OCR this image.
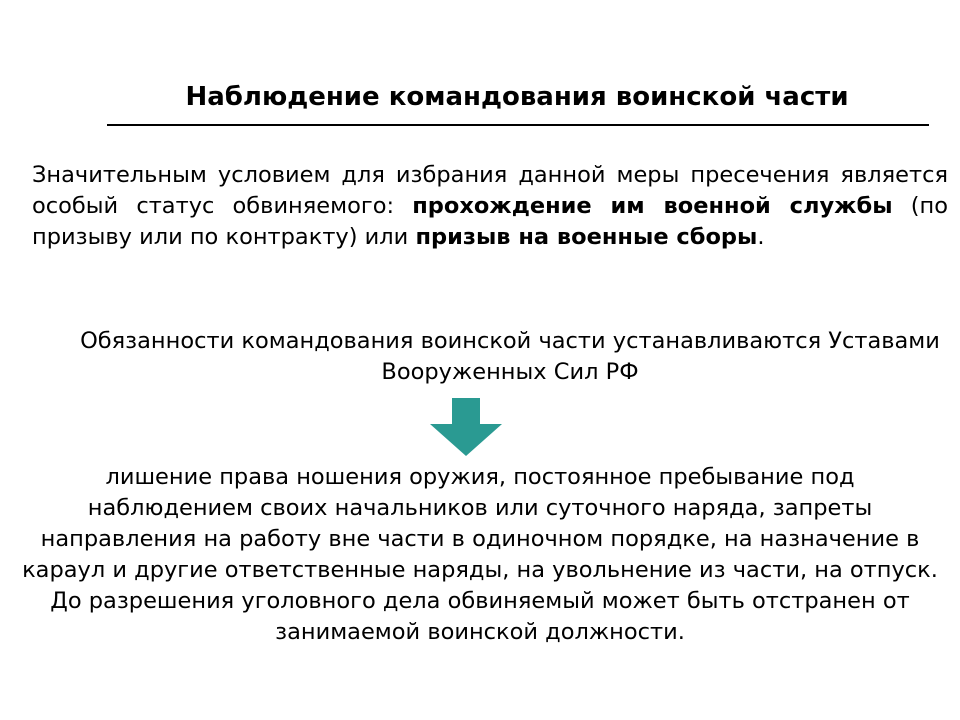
Наблюдение командования воинской части

Значительным условием для избрания данной меры пресечения является особый статус обвиняемого: прохождение им военной службы (по призыву или по контракту) или призыв на военные сборы.

Обязанности командования воинской части устанавливаются Уставами Вооруженных Сил РФ

лишение права ношения оружия, постоянное пребывание под наблюдением своих начальников или суточного наряда, запреты направления на работу вне части в одиночном порядке, на назначение в караул и другие ответственные наряды, на увольнение из части, на отпуск. До разрешения уголовного дела обвиняемый может быть отстранен от занимаемой воинской должности.
